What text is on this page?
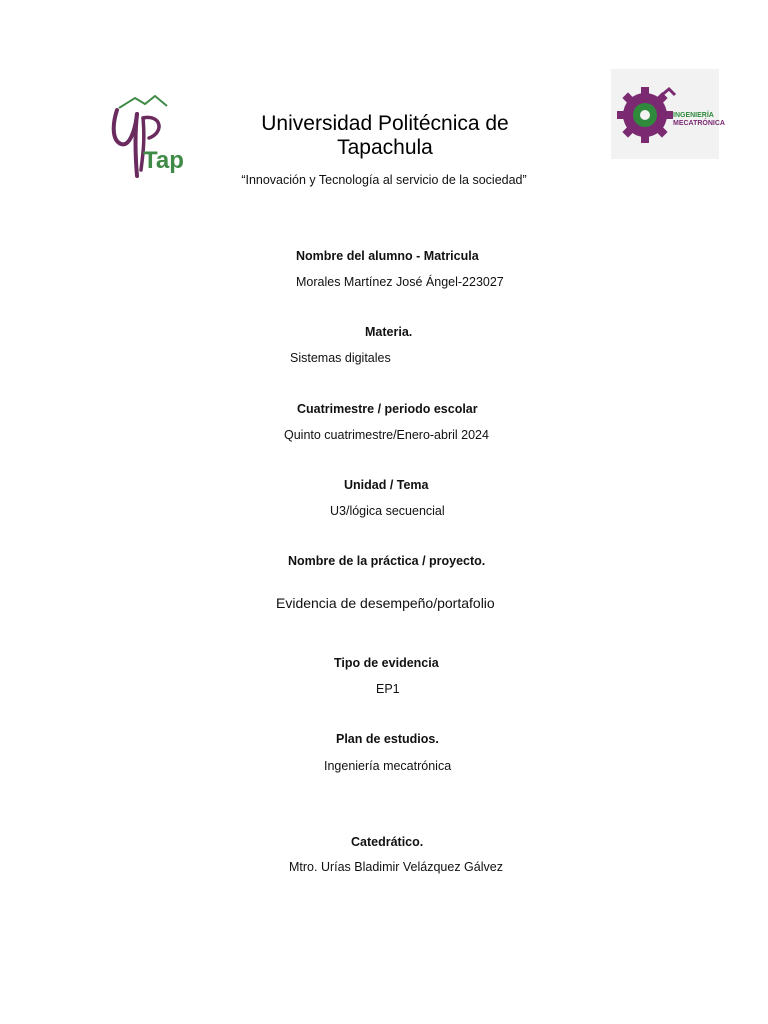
Tap
Universidad Politécnica de
Tapachula
INGENIERÍA
MECATRÓNICA
“Innovación y Tecnología al servicio de la sociedad”
Nombre del alumno - Matricula
Morales Martínez José Ángel-223027
Materia.
Sistemas digitales
Cuatrimestre / periodo escolar
Quinto cuatrimestre/Enero-abril 2024
Unidad / Tema
U3/lógica secuencial
Nombre de la práctica / proyecto.
Evidencia de desempeño/portafolio
Tipo de evidencia
EP1
Plan de estudios.
Ingeniería mecatrónica
Catedrático.
Mtro. Urías Bladimir Velázquez Gálvez
